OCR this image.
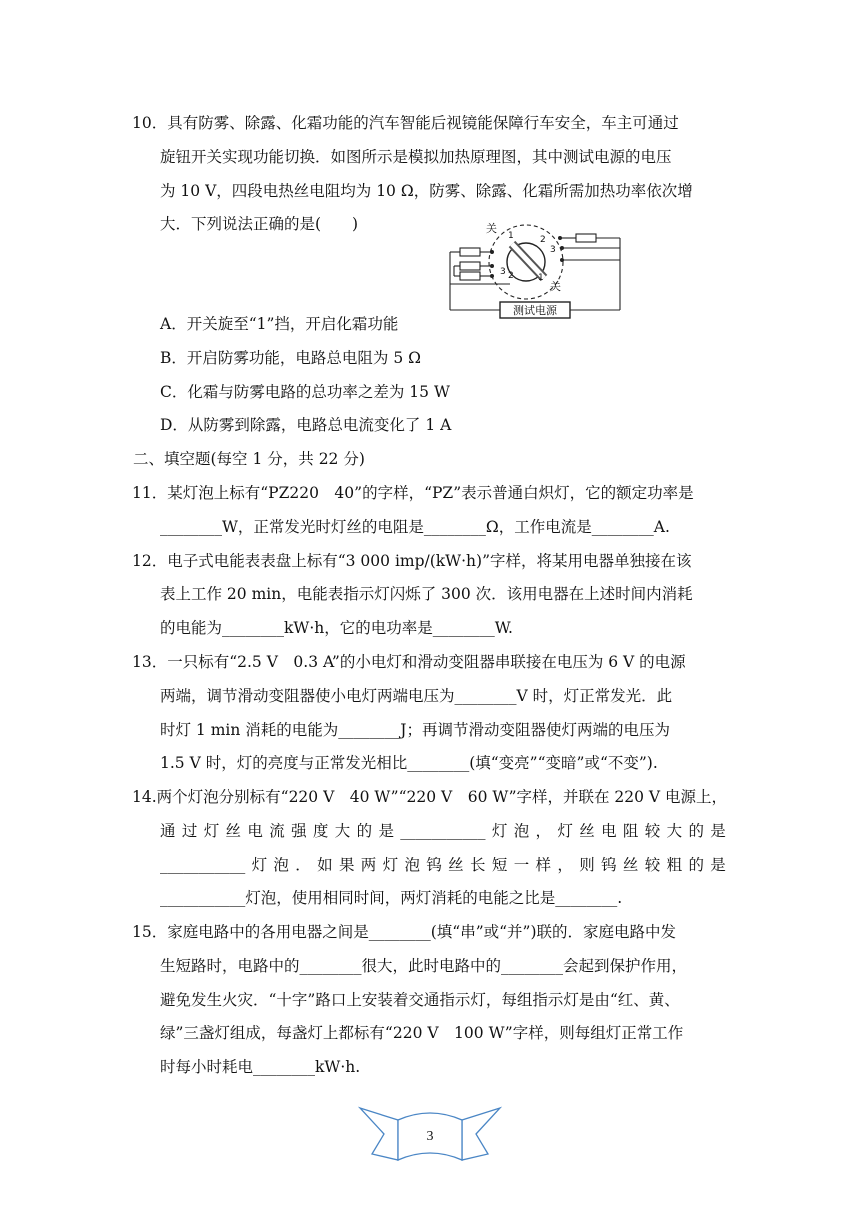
10．具有防雾、除露、化霜功能的汽车智能后视镜能保障行车安全，车主可通过
旋钮开关实现功能切换．如图所示是模拟加热原理图，其中测试电源的电压
为 10 V，四段电热丝电阻均为 10 Ω，防雾、除露、化霜所需加热功率依次增
大．下列说法正确的是(　　)	关
关
2
3
3 2	1
1
测试电源
A．开关旋至“1”挡，开启化霜功能
B．开启防雾功能，电路总电阻为 5 Ω
C．化霜与防雾电路的总功率之差为 15 W
D．从防雾到除露，电路总电流变化了 1 A
二、填空题(每空 1 分，共 22 分)
11．某灯泡上标有“PZ220　40”的字样，“PZ”表示普通白炽灯，它的额定功率是
________W，正常发光时灯丝的电阻是________Ω，工作电流是________A.
12．电子式电能表表盘上标有“3 000 imp/(kW·h)”字样，将某用电器单独接在该
表上工作 20 min，电能表指示灯闪烁了 300 次．该用电器在上述时间内消耗
的电能为________kW·h，它的电功率是________W.
13．一只标有“2.5 V　0.3 A”的小电灯和滑动变阻器串联接在电压为 6 V 的电源
两端，调节滑动变阻器使小电灯两端电压为________V 时，灯正常发光．此
时灯 1 min 消耗的电能为________J；再调节滑动变阻器使灯两端的电压为
1.5 V 时，灯的亮度与正常发光相比________(填“变亮”“变暗”或“不变”).
14.两个灯泡分别标有“220 V　40 W”“220 V　60 W”字样，并联在 220 V 电源上，
通 过 灯 丝 电 流 强 度 大 的 是 ___________ 灯 泡 ， 灯 丝 电 阻 较 大 的 是
___________ 灯 泡 ． 如 果 两 灯 泡 钨 丝 长 短 一 样 ， 则 钨 丝 较 粗 的 是
___________灯泡，使用相同时间，两灯消耗的电能之比是________.
15．家庭电路中的各用电器之间是________(填“串”或“并”)联的．家庭电路中发
生短路时，电路中的________很大，此时电路中的________会起到保护作用，
避免发生火灾．“十字”路口上安装着交通指示灯，每组指示灯是由“红、黄、
绿”三盏灯组成，每盏灯上都标有“220 V　100 W”字样，则每组灯正常工作
时每小时耗电________kW·h.
3
